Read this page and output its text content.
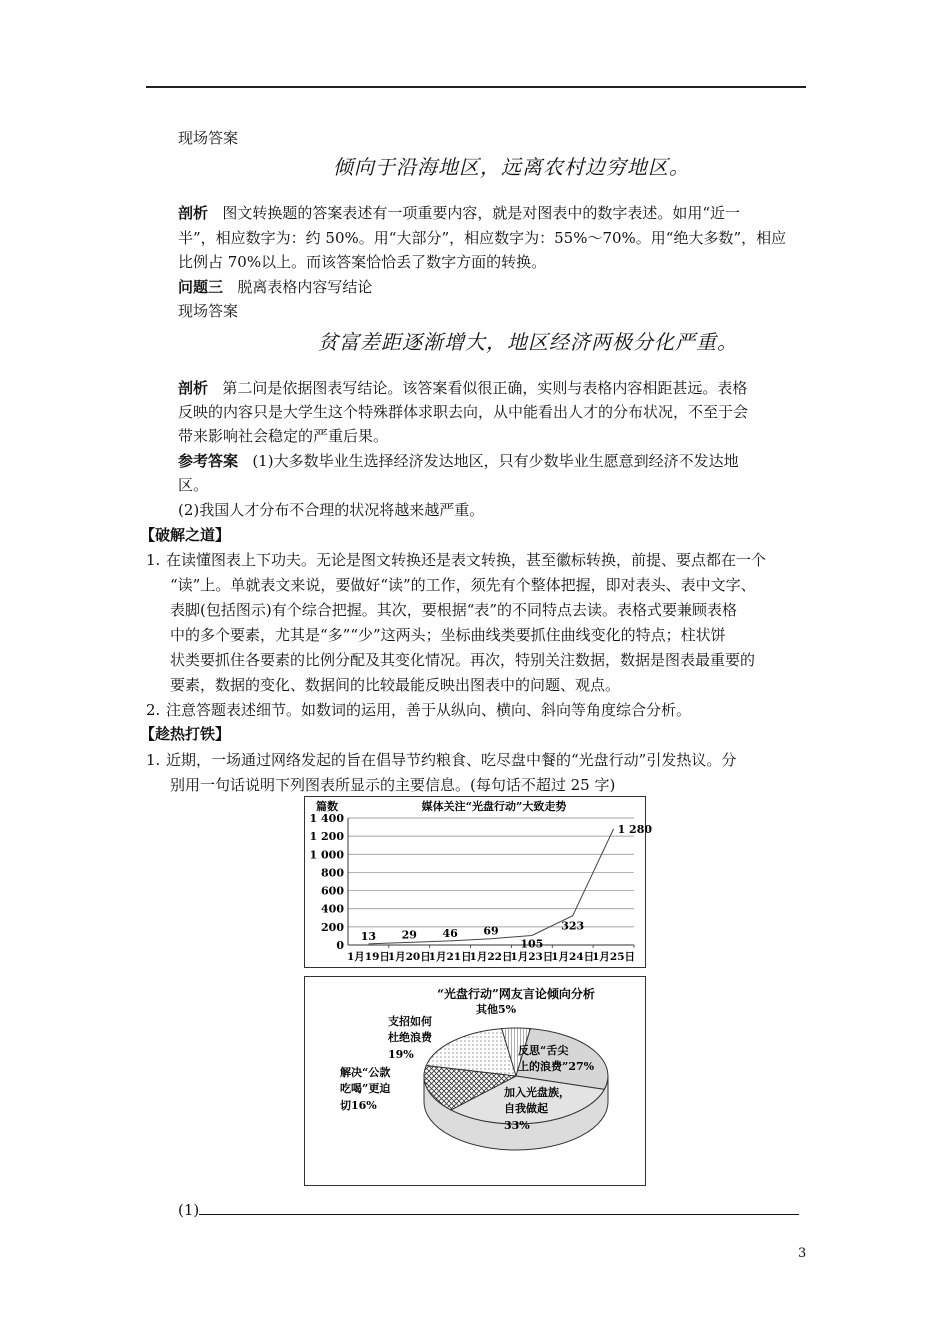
现场答案
倾向于沿海地区，远离农村边穷地区。
剖析 图文转换题的答案表述有一项重要内容，就是对图表中的数字表述。如用“近一
半”，相应数字为：约 50%。用“大部分”，相应数字为：55%～70%。用“绝大多数”，相应
比例占 70%以上。而该答案恰恰丢了数字方面的转换。
问题三 脱离表格内容写结论
现场答案
贫富差距逐渐增大，地区经济两极分化严重。
剖析 第二问是依据图表写结论。该答案看似很正确，实则与表格内容相距甚远。表格
反映的内容只是大学生这个特殊群体求职去向，从中能看出人才的分布状况，不至于会
带来影响社会稳定的严重后果。
参考答案 (1)大多数毕业生选择经济发达地区，只有少数毕业生愿意到经济不发达地
区。
(2)我国人才分布不合理的状况将越来越严重。
【破解之道】
1. 在读懂图表上下功夫。无论是图文转换还是表文转换，甚至徽标转换，前提、要点都在一个
“读”上。单就表文来说，要做好“读”的工作，须先有个整体把握，即对表头、表中文字、
表脚(包括图示)有个综合把握。其次，要根据“表”的不同特点去读。表格式要兼顾表格
中的多个要素，尤其是“多”“少”这两头；坐标曲线类要抓住曲线变化的特点；柱状饼
状类要抓住各要素的比例分配及其变化情况。再次，特别关注数据，数据是图表最重要的
要素，数据的变化、数据间的比较最能反映出图表中的问题、观点。
2. 注意答题表述细节。如数词的运用，善于从纵向、横向、斜向等角度综合分析。
【趁热打铁】
1. 近期，一场通过网络发起的旨在倡导节约粮食、吃尽盘中餐的“光盘行动”引发热议。分
别用一句话说明下列图表所显示的主要信息。(每句话不超过 25 字)
篇数	媒体关注“光盘行动”大致走势
0
200
400
600
800
1 000
1 200
1 400
1月19日
1月20日
1月21日
1月22日
1月23日
1月24日
1月25日
13 29 46 69
105
323
1 280
“光盘行动”网友言论倾向分析
其他5%
反思“舌尖
上的浪费”27%
加入光盘族，
自我做起
33%
解决“公款
吃喝”更迫
切16%
支招如何
杜绝浪费
19%
(1)
3
